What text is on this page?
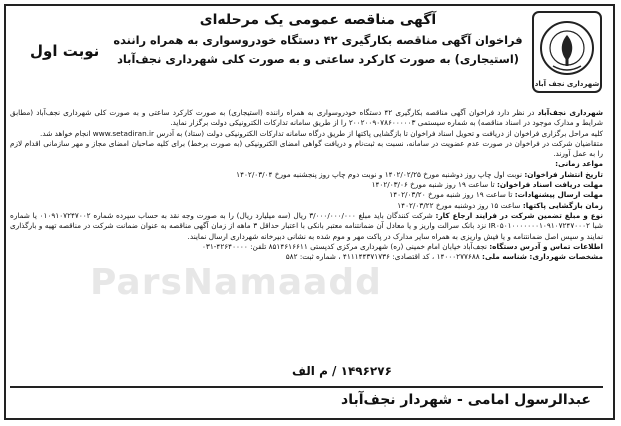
شهرداری نجف آباد
نوبت اول
آگهی مناقصه عمومی یک مرحله‌ای
فراخوان آگهی مناقصه بکارگیری ۴۲ دستگاه خودروسواری به همراه راننده
(استیجاری) به صورت کارکرد ساعتی و به صورت کلی شهرداری نجف‌آباد
ParsNamaadd

شهرداری نجف‌آباد در نظر دارد فراخوان آگهی مناقصه بکارگیری ۴۲ دستگاه خودروسواری به همراه راننده (استیجاری) به صورت کارکرد ساعتی و به صورت کلی شهرداری نجف‌آباد (مطابق شرایط و مدارک موجود در اسناد مناقصه) به شماره سیستمی ۲۰۰۲۰۰۹۰۷۸۶۰۰۰۰۰۳ را از طریق سامانه تدارکات الکترونیکی دولت برگزار نماید.

کلیه مراحل برگزاری فراخوان از دریافت و تحویل اسناد فراخوان تا بازگشایی پاکتها از طریق درگاه سامانه تدارکات الکترونیکی دولت (ستاد) به آدرس www.setadiran.ir انجام خواهد شد.

متقاضیان شرکت در فراخوان در صورت عدم عضویت در سامانه، نسبت به ثبت‌نام و دریافت گواهی امضای الکترونیکی (به صورت برخط) برای کلیه صاحبان امضای مجاز و مهر سازمانی اقدام لازم را به عمل آورند.

مواعد زمانی:

تاریخ انتشار فراخوان: نوبت اول چاپ روز دوشنبه مورخ ۱۴۰۲/۰۲/۲۵ و نوبت دوم چاپ روز پنجشنبه مورخ ۱۴۰۲/۰۳/۰۴

مهلت دریافت اسناد فراخوان: تا ساعت ۱۹ روز شنبه مورخ ۱۴۰۲/۰۳/۰۶

مهلت ارسال پیشنهادات: تا ساعت ۱۹ روز شنبه مورخ ۱۴۰۲/۰۳/۲۰

زمان بازگشایی پاکتها: ساعت ۱۵ روز دوشنبه مورخ ۱۴۰۲/۰۳/۲۲

نوع و مبلغ تضمین شرکت در فرایند ارجاع کار: شرکت کنندگان باید مبلغ ۳/۰۰۰/۰۰۰/۰۰۰ ریال (سه میلیارد ریال) را به صورت وجه نقد به حساب سپرده شماره ۰۱۰۹۱۰۷۲۴۷۰۰۲ یا شماره شبا IR۰۵۰۱۰۰۰۰۰۰۰۱۰۹۱۰۷۲۴۷۰۰۰۲ نزد بانک سرالت واریز و یا معادل آن ضمانتنامه معتبر بانکی با اعتبار حداقل ۳ ماهه از زمان آگهی مناقصه به عنوان ضمانت شرکت در مناقصه تهیه و بارگذاری نمایند و سپس اصل ضمانتنامه و یا فیش واریزی به همراه سایر مدارک در پاکت مهر و موم شده به نشانی دبیرخانه شهرداری ارسال نمایند.

اطلاعات تماس و آدرس دستگاه: نجف‌آباد خیابان امام خمینی (ره) شهرداری مرکزی کدپستی ۸۵۱۴۶۱۶۶۱۱ تلفن: ۴۲۶۴۰۰۰۰-۰۳۱

مشخصات شهرداری: شناسه ملی: ۱۴۰۰۰۲۷۷۶۸۸ ، کد اقتصادی: ۴۱۱۱۴۴۳۷۱۷۳۶ ، شماره ثبت: ۵۸۲

۱۴۹۶۲۷۶ / م الف
عبدالرسول امامی - شهردار نجف‌آباد
